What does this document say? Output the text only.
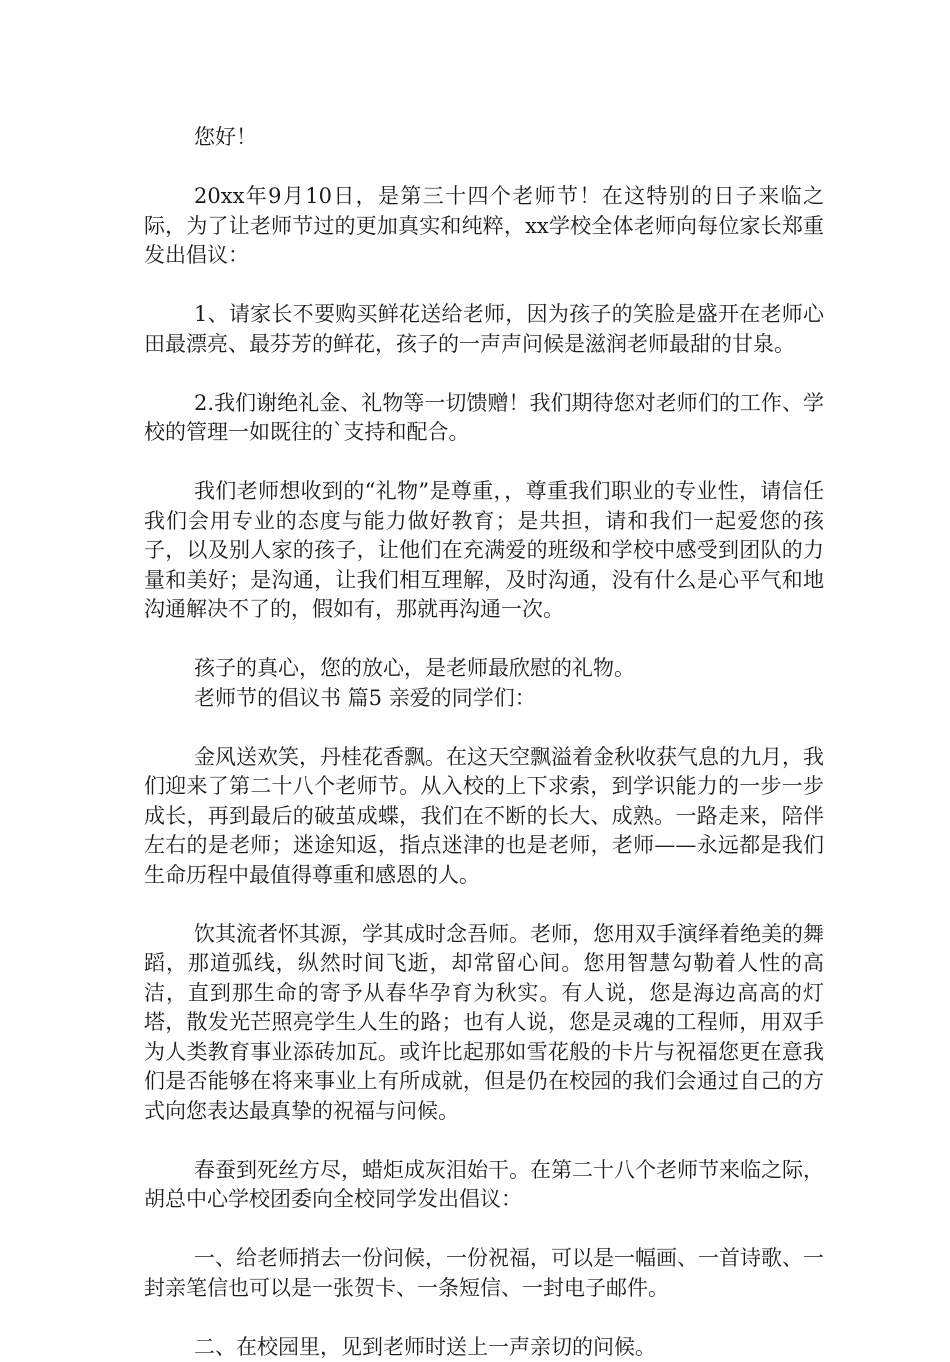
您好！

20xx年9月10日，是第三十四个老师节！在这特别的日子来临之际，为了让老师节过的更加真实和纯粹，xx学校全体老师向每位家长郑重发出倡议：

1、请家长不要购买鲜花送给老师，因为孩子的笑脸是盛开在老师心田最漂亮、最芬芳的鲜花，孩子的一声声问候是滋润老师最甜的甘泉。

2.我们谢绝礼金、礼物等一切馈赠！我们期待您对老师们的工作、学校的管理一如既往的`支持和配合。

我们老师想收到的“礼物”是尊重，，尊重我们职业的专业性，请信任我们会用专业的态度与能力做好教育；是共担，请和我们一起爱您的孩子，以及别人家的孩子，让他们在充满爱的班级和学校中感受到团队的力量和美好；是沟通，让我们相互理解，及时沟通，没有什么是心平气和地沟通解决不了的，假如有，那就再沟通一次。

孩子的真心，您的放心，是老师最欣慰的礼物。

老师节的倡议书 篇5 亲爱的同学们：

金风送欢笑，丹桂花香飘。在这天空飘溢着金秋收获气息的九月，我们迎来了第二十八个老师节。从入校的上下求索，到学识能力的一步一步成长，再到最后的破茧成蝶，我们在不断的长大、成熟。一路走来，陪伴左右的是老师；迷途知返，指点迷津的也是老师，老师——永远都是我们生命历程中最值得尊重和感恩的人。

饮其流者怀其源，学其成时念吾师。老师，您用双手演绎着绝美的舞蹈，那道弧线，纵然时间飞逝，却常留心间。您用智慧勾勒着人性的高洁，直到那生命的寄予从春华孕育为秋实。有人说，您是海边高高的灯塔，散发光芒照亮学生人生的路；也有人说，您是灵魂的工程师，用双手为人类教育事业添砖加瓦。或许比起那如雪花般的卡片与祝福您更在意我们是否能够在将来事业上有所成就，但是仍在校园的我们会通过自己的方式向您表达最真挚的祝福与问候。

春蚕到死丝方尽，蜡炬成灰泪始干。在第二十八个老师节来临之际，胡总中心学校团委向全校同学发出倡议：

一、给老师捎去一份问候，一份祝福，可以是一幅画、一首诗歌、一封亲笔信也可以是一张贺卡、一条短信、一封电子邮件。

二、在校园里，见到老师时送上一声亲切的问候。
